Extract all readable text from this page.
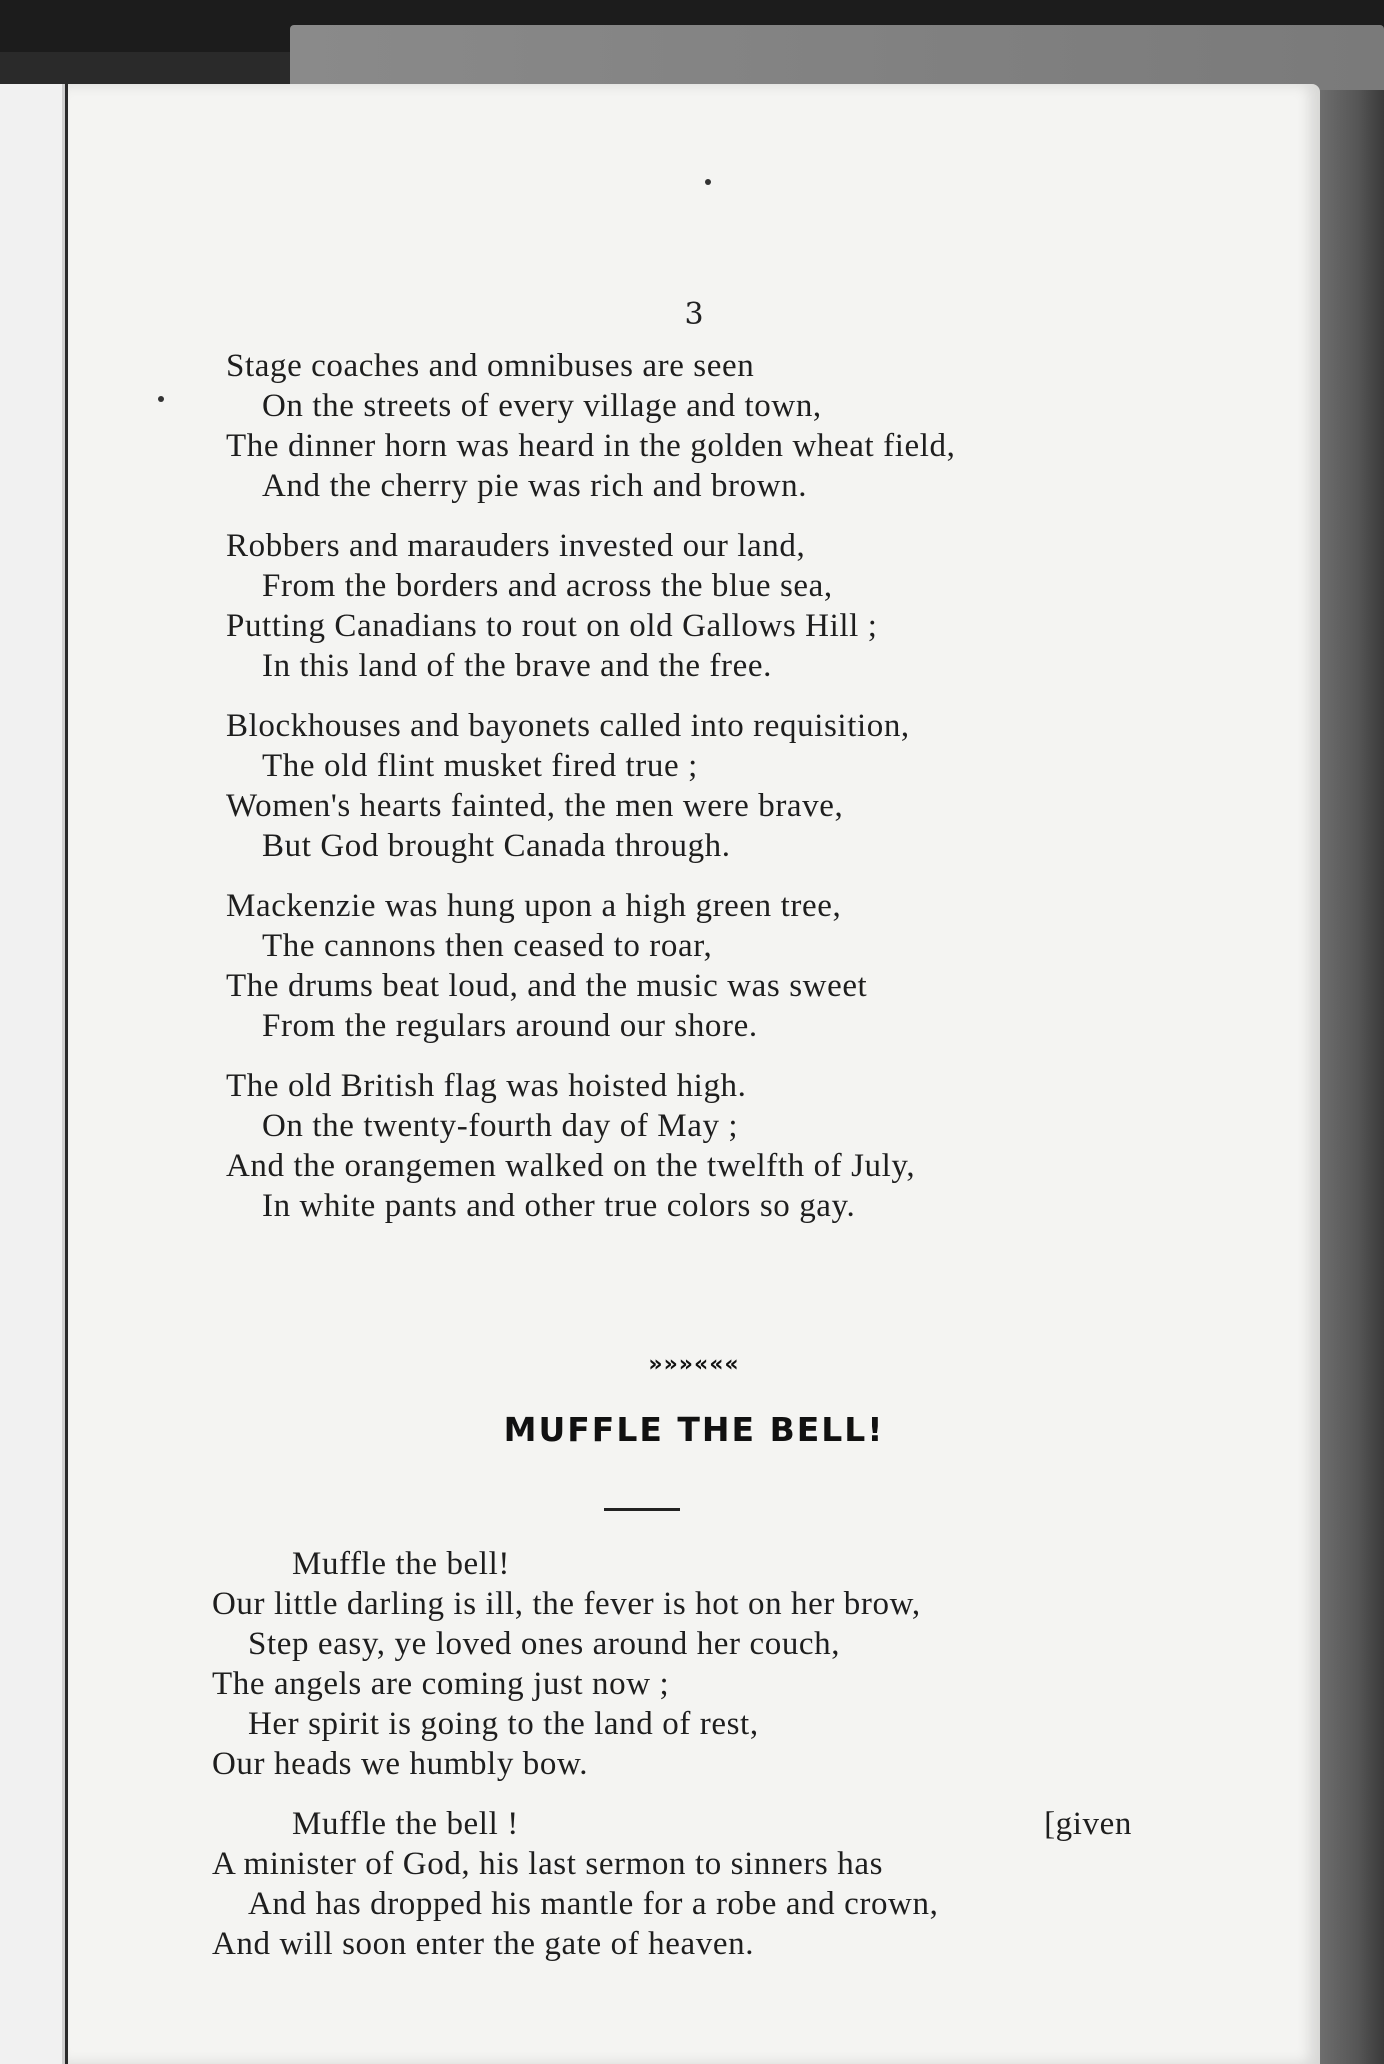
3
Stage coaches and omnibuses are seen
On the streets of every village and town,
The dinner horn was heard in the golden wheat field,
And the cherry pie was rich and brown.
Robbers and marauders invested our land,
From the borders and across the blue sea,
Putting Canadians to rout on old Gallows Hill ;
In this land of the brave and the free.
Blockhouses and bayonets called into requisition,
The old flint musket fired true ;
Women's hearts fainted, the men were brave,
But God brought Canada through.
Mackenzie was hung upon a high green tree,
The cannons then ceased to roar,
The drums beat loud, and the music was sweet
From the regulars around our shore.
The old British flag was hoisted high.
On the twenty-fourth day of May ;
And the orangemen walked on the twelfth of July,
In white pants and other true colors so gay.
»»»«««
MUFFLE THE BELL!
Muffle the bell!
Our little darling is ill, the fever is hot on her brow,
Step easy, ye loved ones around her couch,
The angels are coming just now ;
Her spirit is going to the land of rest,
Our heads we humbly bow.
Muffle the bell !	[given
A minister of God, his last sermon to sinners has
And has dropped his mantle for a robe and crown,
And will soon enter the gate of heaven.
